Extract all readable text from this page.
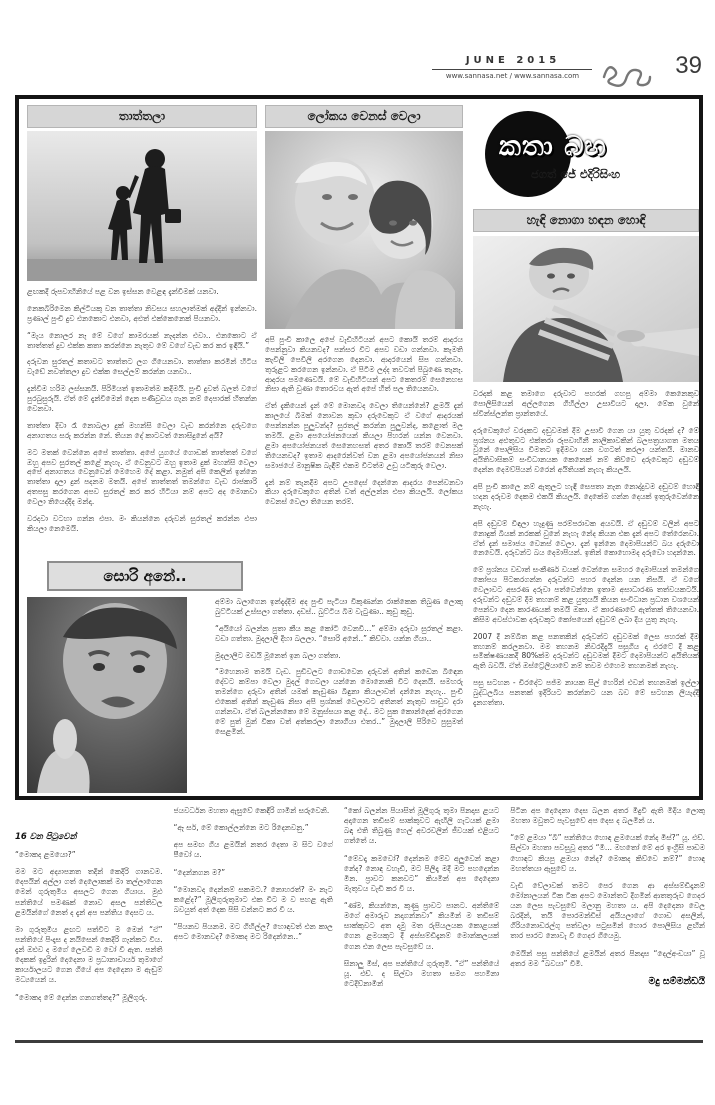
JUNE 2015
www.sannasa.net / www.sannasa.com	39
තාත්තලා

ළඟකදී රූපවාහිනියේ පළ වන ඉස්සන වෙළඳ දැන්වීමක් යනවා.

නෙකබිරිමෙන කිල්ටියකු වන තාත්තා නිවසය සහලාත්මක් අද්දින් ඉන්නවා. ප්‍රණාල් පුංචි දුව එනකොට එනවා, අළුත් එක්කෙනෙක් පියනවා.

“මැය නොලර නෑ මේ වගේ කාමරයක් නෑදන්න එවා.. එනකොට ඒ තාත්තත් දුව එක්ක කතා කරන්නෙ නැතුව මේ වගේ වැඩ කර කර ඉඳියි.”

දරුවන සුරතල් කතාවට තාත්තට ලග ගියෙනවා. තාත්තා කරමින් හිටිය වැඩේ නවත්තලා දුව එක්ක සෙල්ලම් කරන්න යනවා..

දැන්වීම හරිම ලස්සනයි. පිරිමියත් ඉතාමත්ම කදිමයි. පුංචි දුවත් බලත් වගේ පුරබුසුරුයි. ඒත් මේ දැන්වීමෙන් දෙන පණිවුඩය ගැන නම් දෙපාරක් හිතන්න වෙනවා.

තාත්තා දිවා රෑ නොබලා දුක් මහන්සි වෙලා වැඩ කරන්නෙ දරුවගෙ අනාගතය සරු කරන්න නේ. තියන දේ කාටවත් නොසිදුනේ අයි?

මට මතක් වෙන්නෙ අපේ තාත්තා. අපේ යුගයේ ගොඩක් තාත්තත් වගේ ඔහු අපව සුරතල් කළේ නැහැ. ඒ වෙනුවට ඔහු ඉතාම දුක් මහන්සි වෙලා අපේ අනාගතය වෙනුවෙන් මෙහෙම දේ කළා. නමුත් අපි කෙලින් ඉන්නෙ තාත්තා දාලා දුන් පදනම මතයි. අපේ තාත්තත් තමන්ගෙ වැඩ රාජකාරි අතපසු කරගෙන අපව සුරතල් කර කර හිටියා නම් අපට අද මොනවා වෙලා තියෙද්දිද මන්දා.

වරදවා වටහා ගන්න එපා. මං කියන්නෙ දරුවන් සුරතල් කරන්න එපා කියලා නෙමෙයි.

ලෝකය වෙනස් වෙලා

අපි පුංචි කාලෙ අපේ වැඩිහිටියන් අපට කොයි තරම් ආදරය පෙන්නුවා කියනවද? පන්සර විට අපව වඩා ගන්නවා. කැමති කැවිලි පෙවිලි අරගෙන දෙනවා. ආදරයෙන් සිප ගන්නවා. තුරුළට කරගෙන ඉන්නවා. ඒ පිටිම ලද්ද තවටත් පිබුණෙ තැනෑ. ආදරය පමණෙවයි. මේ වැඩිහිටියන් අපට කෙතරම් සෙනෙහස නිසා ඇති වුණා තොරවය ඇත් අපේ හිත් පල තියෙනවා.

ඒත් දැකියෙන් දැන් මේ මොනවද වෙලා තියෙන්නේ? ළමයි දැන් කාලයේ බිමක් නොවන කුඩා දරුවෙකුට ඒ වගේ ආදරයක් පෙන්නන්න පුලුවන්ද? සුරතල් කරන්න පුලුවන්ද, කළොත් මල තමයි. ළමා අපයෝජනයෙන් කියලා පිහරන් යන්න වෙනවා. ළමා අපයෝජනයත් සෙනෙහසත් අතර කොයි තරම් වෙනසක් තියෙනවද? ඉතාම ආදරෙන්වත් වන ළමා අපයෝජනයන් නිසා සමාජයේ මානුෂික බැඳීම් එකම විටත්ම උඩු යටිකුරු වෙලා.

දැන් නම් තැනදීම අපට උපදෙස් දෙන්නෙ ආදරය පෙන්වනවා කියා දරුවෙකුගෙ අතින් වත් අල්ලන්න එපා කියලයි. ලෝකය වෙනස් වෙලා තියෙන තරම්.

සොරි අනේ..

අම්මා බලාගෙන ඉන්දැද්දිම අද පුංචි පැටියා විකුණන්න රාක්කෙක තිබුණ ලොකු බුට්ටියක් උස්සලා ගත්තා. දඩස්.. බුට්ටිය බිම වැටුණා.. කුඩු කුඩු.

“අයියෝ බලන්න පුතා කීය කළ කෝටි වෙනවි...” අම්මා දරුවා සුරතල් කළා. වඩා ගත්තා. මුදලාලි දිහා බලලා. “සොරි අනේ..” කිව්වා. යන්න ගියා..

මුදලාලිට මඩයි මූනෙත් ඉන බලා ගත්තා.

“මහෙනාම තමයි වැඩ. පුඩිවලට ගොඩවෙන දරුවන් අතින් කඩෙන බිඳෙන දේවට කම්පා වෙලා මුදල් ගෙවලා යන්නෙ මොනොකි විට දෙනයි. සමහරු තමන්ගෙ දරුවා අතින් යමක් කැඩුණා බිඳුනා කියලාවත් දන්නෙ නැහැ.. පුංචි එකෙක් අතින් කැඩුණ නිසා අපි ප්‍රශ්නක් වෙලාවට අතිනත් නැතුව පාඩුව දරා ගන්නවා. ඒත් බලන්නකො මේ මනුස්සයා කළ දේ.. මට පුක කොන්දෙක් අරගෙන මේ පුත් මුන් විකා වත් අත්කරලා නොගියා එතර..” මුදලාලි පිරිවෙ පුසුමත් සෙළමින්.

කතා බහ
ජගත් ජේ එදිරිසිංහ
හැඳි නොගා හඳන හොඳි

වරදක් කළ තමාගෙ දරුවාට පහරක් ගහපු අම්මා කෙනෙකුව පොලිසියෙන් අල්ලගෙන ගිහිල්ලා උසාවියට දාලා. මේක වුනේ ස්වින්ස්ලන්ත ප්‍රාන්තයේ.

දරුවෙකුගේ වරදකට දඬුවමක් දීම උසාවි ගෙන යා යුතු වරදක් ද? මේ ප්‍රශ්නය අළුතුවට එක්තරා රූපවාහිනී නාලිකාවකින් බලපත්‍රයාගත මතය වුනේ පොලිසිය විමතට ඉදිමවා යන වගටත් කරලා යන්තයි. මානව අයිතිවාසිකම් සංවිධානයක කෙනෙක් නම් කිව්වෙ දරුවෙකුට දඬුවම් දෙන්න දෙමව්පියන් වරෙන් අයිතියක් නැහැ කියලයි.

අපි පුංචි කාලෙ නම් ඇතුලට හැඳි සෙපතා නෑන නොද්දුවම දඬුවම් හොඳි හදන දරුවම දෙකම එකයි කියලයි. දෙකේම ගන්න දෙයක් ඉතුරුවෙන්නෙ නැහැ.

අපි දඬුවම් විඳලා හැදුණු පරම්පරාවක අයවයි. ඒ දඬුවම් වලින් අපට නොදුක් බියක් නරකක් වුනේ නැහැ නේද කියන එක දැන් අපට තේරෙනවා. ඒත් දැන් සමාජය වෙනස් වෙලා. දැන් ඉන්නෙ දෙමාපියන්ට බය දරුවො නෙවෙයි. දරුවන්ට බය දෙමාපියන්. ඉතින් කොහොමද දරුවො හදන්නෙ.

මේ ප්‍රශ්නය වඩාත් සංකීර්ණ වයක් වෙන්නෙ සමහර දෙමාපියන් තමන්ගෙ කෝපය පිටකරගන්න දරුවන්ට පහර දෙන්න යන නිසයි. ඒ වගේ වෙලාවට අසරණ දරුවා පත්වෙන්නෙ ඉතාම අසාධාරණ තත්වයකටයි. දරුවන්ට දඬුවම් දීම තහනම් කළ යුතුයයි කියන සංවිධාන ප්‍රධාන වශයෙන් පෙන්වා දෙන කාරණයක් තමයි ඔකා. ඒ කාරණාවේ ඇත්තක් තියෙනවා. කිසිම අවස්ථාවක දරුවකුට කෝපයෙන් දඬුවම් ලබා දිය යුතු නැහැ.

2007 දී නම්බිත කළ පනතකින් දරුවන්ට දඬුවමක් ලෙස පහරක් දීම තහනම් කරලනවා. මම තහනම නිවරදිදැයි පසුගිය දා එරටේ දී කළ සමීක්ෂණයකදී 80%ක්ම දරුවන්ට දඬුවමක් දීමට දෙමාපියන්ට අයිතියක් ඇති බවයි. ඒත් ඔස්ට්‍රේලියාවේ නම් තවම එහෙම තහනමක් නැහැ.

පසු සටහන - චිරදේට පජ්ම නායක සිල් හෙරින් එවන් තහනමක් ඉල්ලා බුද්ධලබිය පනතක් ඉදිරියට කරන්නට යන බව මේ සටහන ලියැද්දි දැනගත්තා.

16 වන පිටුවෙන්

“මොකද ළමයො?”

මම මට අද්‍යාපනත තදින් කෙදිරි ගානවම. දෙපයින් අල්ලා ගත් දෙලොකක් මා තල්ලාගෙන මෙන් ගුරුතුමිය අසලට ගෙන ගියාය. මුළු පන්තියේ පමණක් නොව අසල පන්තිවල ළමයින්ගේ නෙත් ද දැන් අප පන්තිය දෙසට ය.

මා ගුරුතුමිය ළඟට පත්විට ම මෙන් “ඒ” පන්තියේ පිංදෑස ද නයිසෙන් කෙදිරි ගෑන්කට විය. දැන් ඔළුව ද මගේ ලෙවඩි ම වෝ වී ඇත. පන්ති දෙකක් ඉදුරින් දෙදෙනා ම ප්‍රධානාචාර්ය තුමාගේ කාර්යාලයට ගෙන ගියේ අප දෙදෙනා ම ඇඬුම් මධ්‍යයෙන් ය.

“මොකද මේ දෙන්න ගනගත්තද?” මූලිගුරු.

ජයවර්ධන මහතා ඇසුවේ කෙඳිරි ගාමින් සරුවෙනි.

“ඈ සර්, මේ කොල්ලන්නෙ මට රිදෙනවනු.”

අප සමඟ ගිය ළමයින් නතර දෙතා ම සිට වගේ පීවෝ ය.

“දෙන්නගන ම?”

“මොනවද දෙන්නම් සකමට.? නොහරත්? මං නැට කළේද?” මූලිගුරුතුමාට එක විට ම ව පහළ ඇති බවයුත් අත් දෙක පිසි වන්නට කර වී ය.

“පියනව පියනම. මට ගිහිල්ල? හොඳවත් එන කාල අපට මොනවද? මොකද මට රිදෙන්නෙ..”

“කෝ බලන්න පියාසිත් මූලිගුරු තුමා පිනදාස ළයට අදාගෙන තඩිසම් සාක්කුවට ඇඟිලි ගැටයක් ළමා බඳා එති තිබුණු හෙල් අවරවලින් ජීවයක් එළියට ගත්තේ ය.

“මේවදෑ කමවෝ? දෙන්නම මේව අලුවෙන් කළා නේද? නොඳ වහැඩි, මට පිලිදෑ මදී මට පහදෙන්න මින. ප්‍රාවට කනවට” කියමින් අප දෙදෙනා මැතුවය වැඩි කර වී ය.

“ණ්ම, කියන්නෙ, කුණු ප්‍රාවට පානට. අන්තිමේ මගේ අමාරුව නදාගන්නවා” කියමින් ම තඩිසම් සාක්කුවට අත දාමු මත රුපියලයක කොළයක් ගෙන ළමයකුට දී අස්සම්ඩිදෑනම් මොන්කලයක් ගෙන එන ලෙස පැවසුවේ ය.

සිනාලු මිස්, අප පන්තියේ ගුරුතුමි. “ඒ” පන්තියේ යූ. එච්. ද සිල්වා මහතා සමග පහමිනා ටෙදිව්නාමින්

පිටින අප දෙදෙනා දෙස බලන අතර මිදුවි ඇති මිදිය ලොකු මහතා මවුතට පැවසුවේ අප දෙස ද බලමින් ය.

“මේ ළමයා “බී” පන්තියෙ හොඳ ළමයෙක් නේද මිස්?” යූ. එච්. සිල්වා මහතා පවසුවූ අතර “මී... මහතෝ මේ අර ඉංග්‍රිසි පාඩම හොඳට කියපු ළමයා නේද? මොකද කිව්වෙ නම්?” හොඳ මහත්තයා ඇසුවේ ය.

වැඩි වේලාවක් තමට පෙර ගෙන ආ අස්සම්ඩිදෑනම් මෝනාලයන් ටික ටික අපට මොන්තට දිගමින් ආතතුරුව ගෙදර යන ලෙස පැවසුවේ මලානු මහතා ය. අපි දෙදෙනා වෙල බරදින්, තයි පොරමන්ඩිස් අයියලාගේ ගොඩ අසලින්, ගිරියනොඩරල්ගු පත්වලා පටුසමින් හොර පොලිසිය ළඟින් තාර පාරට නොවැ වී ගෙදර ගියෙමු.

මෙයින් පසු පන්තියේ ළමයින් අතර පිනදාස “දෙල්අංඩයා” වූ අතර මම “බවයා” විමි.

මදු සම්මන්ඩයි
